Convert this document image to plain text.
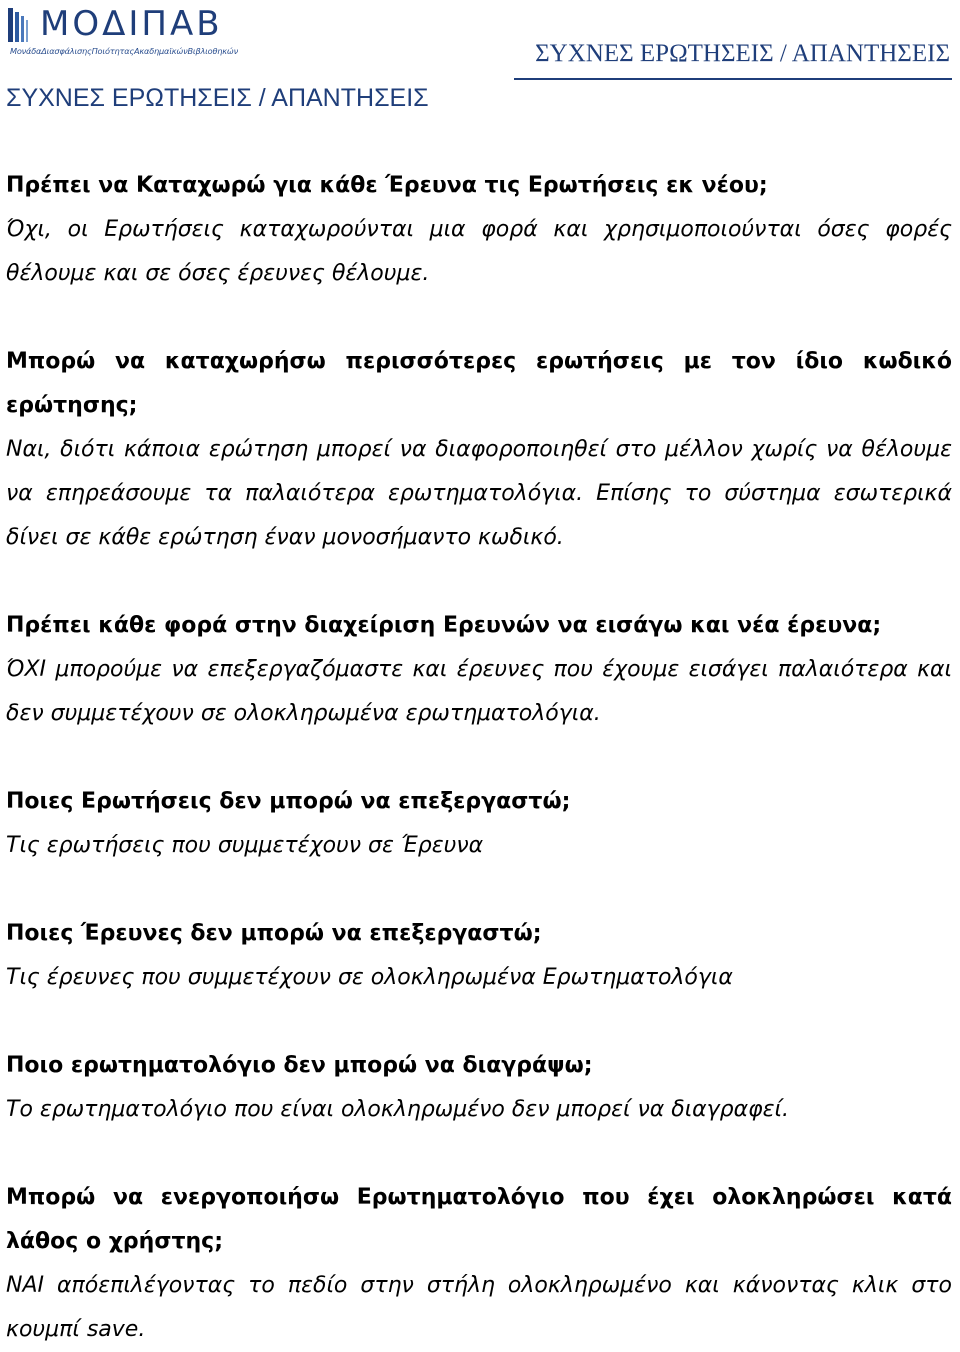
ΜΟΔΙΠΑΒ
ΜονάδαΔιασφάλισηςΠοιότηταςΑκαδημαϊκώνΒιβλιοθηκών	ΣΥΧΝΕΣ ΕΡΩΤΗΣΕΙΣ / ΑΠΑΝΤΗΣΕΙΣ
ΣΥΧΝΕΣ ΕΡΩΤΗΣΕΙΣ / ΑΠΑΝΤΗΣΕΙΣ

Πρέπει να Καταχωρώ για κάθε Έρευνα τις Ερωτήσεις εκ νέου;

Όχι, οι Ερωτήσεις καταχωρούνται μια φορά και χρησιμοποιούνται όσες φορές θέλουμε και σε όσες έρευνες θέλουμε.

Μπορώ να καταχωρήσω περισσότερες ερωτήσεις με τον ίδιο κωδικό ερώτησης;

Ναι, διότι κάποια ερώτηση μπορεί να διαφοροποιηθεί στο μέλλον χωρίς να θέλουμε να επηρεάσουμε τα παλαιότερα ερωτηματολόγια. Επίσης το σύστημα εσωτερικά δίνει σε κάθε ερώτηση έναν μονοσήμαντο κωδικό.

Πρέπει κάθε φορά στην διαχείριση Ερευνών να εισάγω και νέα έρευνα;

ΌΧΙ μπορούμε να επεξεργαζόμαστε και έρευνες που έχουμε εισάγει παλαιότερα και δεν συμμετέχουν σε ολοκληρωμένα ερωτηματολόγια.

Ποιες Ερωτήσεις δεν μπορώ να επεξεργαστώ;

Τις ερωτήσεις που συμμετέχουν σε Έρευνα

Ποιες Έρευνες δεν μπορώ να επεξεργαστώ;

Τις έρευνες που συμμετέχουν σε ολοκληρωμένα Ερωτηματολόγια

Ποιο ερωτηματολόγιο δεν μπορώ να διαγράψω;

Το ερωτηματολόγιο που είναι ολοκληρωμένο δεν μπορεί να διαγραφεί.

Μπορώ να ενεργοποιήσω Ερωτηματολόγιο που έχει ολοκληρώσει κατά λάθος ο χρήστης;

ΝΑΙ απόεπιλέγοντας το πεδίο στην στήλη ολοκληρωμένο και κάνοντας κλικ στο κουμπί save.
